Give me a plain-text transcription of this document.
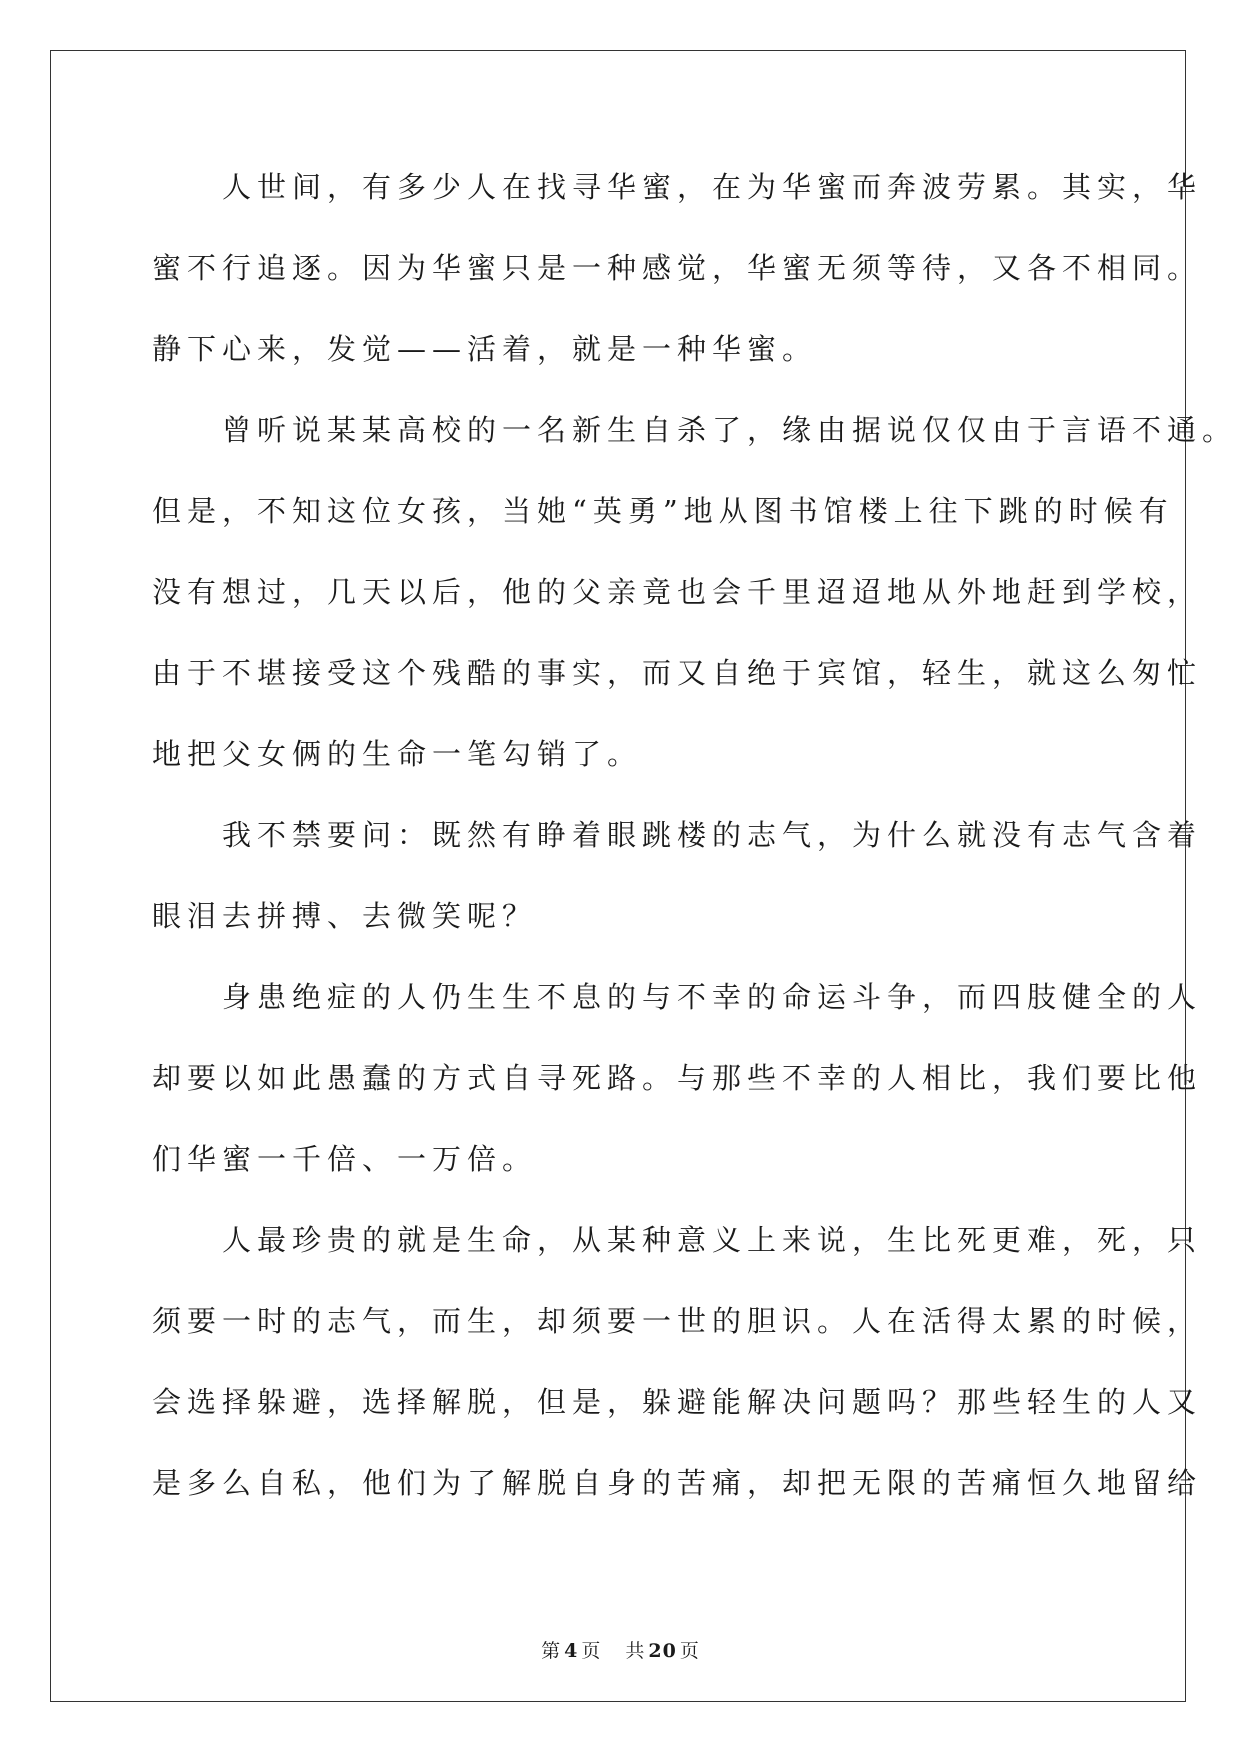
　　人世间，有多少人在找寻华蜜，在为华蜜而奔波劳累。其实，华
蜜不行追逐。因为华蜜只是一种感觉，华蜜无须等待，又各不相同。
静下心来，发觉——活着，就是一种华蜜。
　　曾听说某某高校的一名新生自杀了，缘由据说仅仅由于言语不通。
但是，不知这位女孩，当她“英勇”地从图书馆楼上往下跳的时候有
没有想过，几天以后，他的父亲竟也会千里迢迢地从外地赶到学校，
由于不堪接受这个残酷的事实，而又自绝于宾馆，轻生，就这么匆忙
地把父女俩的生命一笔勾销了。
　　我不禁要问：既然有睁着眼跳楼的志气，为什么就没有志气含着
眼泪去拼搏、去微笑呢？
　　身患绝症的人仍生生不息的与不幸的命运斗争，而四肢健全的人
却要以如此愚蠢的方式自寻死路。与那些不幸的人相比，我们要比他
们华蜜一千倍、一万倍。
　　人最珍贵的就是生命，从某种意义上来说，生比死更难，死，只
须要一时的志气，而生，却须要一世的胆识。人在活得太累的时候，
会选择躲避，选择解脱，但是，躲避能解决问题吗？那些轻生的人又
是多么自私，他们为了解脱自身的苦痛，却把无限的苦痛恒久地留给
第 4 页 共 20 页
